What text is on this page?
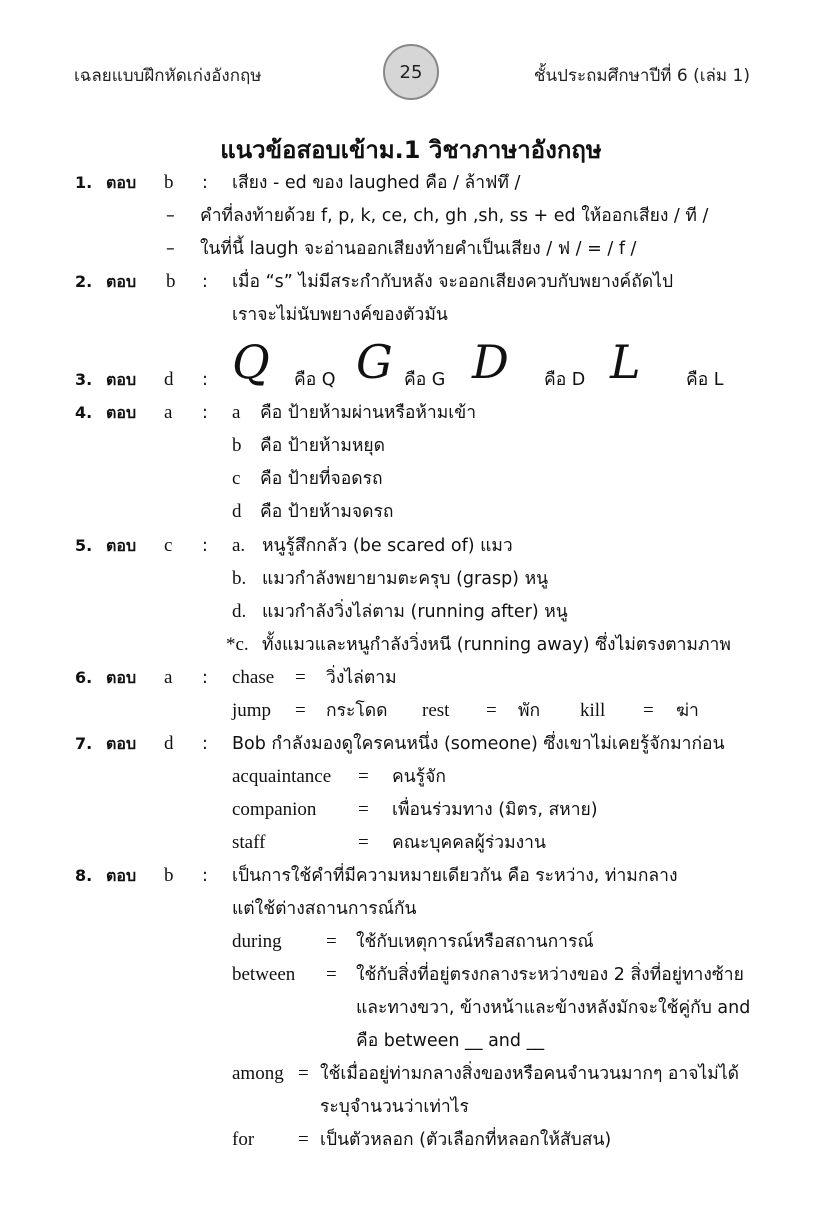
เฉลยแบบฝึกหัดเก่งอังกฤษ	25	ชั้นประถมศึกษาปีที่ 6 (เล่ม 1)
แนวข้อสอบเข้าม.1 วิชาภาษาอังกฤษ
1. ตอบ b : เสียง - ed ของ laughed คือ / ล้าฟทึ /
– คำที่ลงท้ายด้วย f, p, k, ce, ch, gh ,sh, ss + ed ให้ออกเสียง / ที /
– ในที่นี้ laugh จะอ่านออกเสียงท้ายคำเป็นเสียง / ฟ / = / f /
2. ตอบ b : เมื่อ “s” ไม่มีสระกำกับหลัง จะออกเสียงควบกับพยางค์ถัดไป
เราจะไม่นับพยางค์ของตัวมัน
3. ตอบ d : Q คือ Q G คือ G D คือ D L	คือ L
4. ตอบ a : a คือ ป้ายห้ามผ่านหรือห้ามเข้า
b คือ ป้ายห้ามหยุด
c คือ ป้ายที่จอดรถ
d คือ ป้ายห้ามจดรถ
5. ตอบ c : a. หนูรู้สึกกลัว (be scared of) แมว
b. แมวกำลังพยายามตะครุบ (grasp) หนู
d. แมวกำลังวิ่งไล่ตาม (running after) หนู
*c. ทั้งแมวและหนูกำลังวิ่งหนี (running away) ซึ่งไม่ตรงตามภาพ
6. ตอบ a : chase = วิ่งไล่ตาม
jump = กระโดด rest = พัก kill = ฆ่า
7. ตอบ d : Bob กำลังมองดูใครคนหนึ่ง (someone) ซึ่งเขาไม่เคยรู้จักมาก่อน
acquaintance = คนรู้จัก
companion = เพื่อนร่วมทาง (มิตร, สหาย)
staff	= คณะบุคคลผู้ร่วมงาน
8. ตอบ b : เป็นการใช้คำที่มีความหมายเดียวกัน คือ ระหว่าง, ท่ามกลาง
แต่ใช้ต่างสถานการณ์กัน
during = ใช้กับเหตุการณ์หรือสถานการณ์
between = ใช้กับสิ่งที่อยู่ตรงกลางระหว่างของ 2 สิ่งที่อยู่ทางซ้าย
และทางขวา, ข้างหน้าและข้างหลังมักจะใช้คู่กับ and
คือ between __ and __
among = ใช้เมื่ออยู่ท่ามกลางสิ่งของหรือคนจำนวนมากๆ อาจไม่ได้
ระบุจำนวนว่าเท่าไร
for = เป็นตัวหลอก (ตัวเลือกที่หลอกให้สับสน)
